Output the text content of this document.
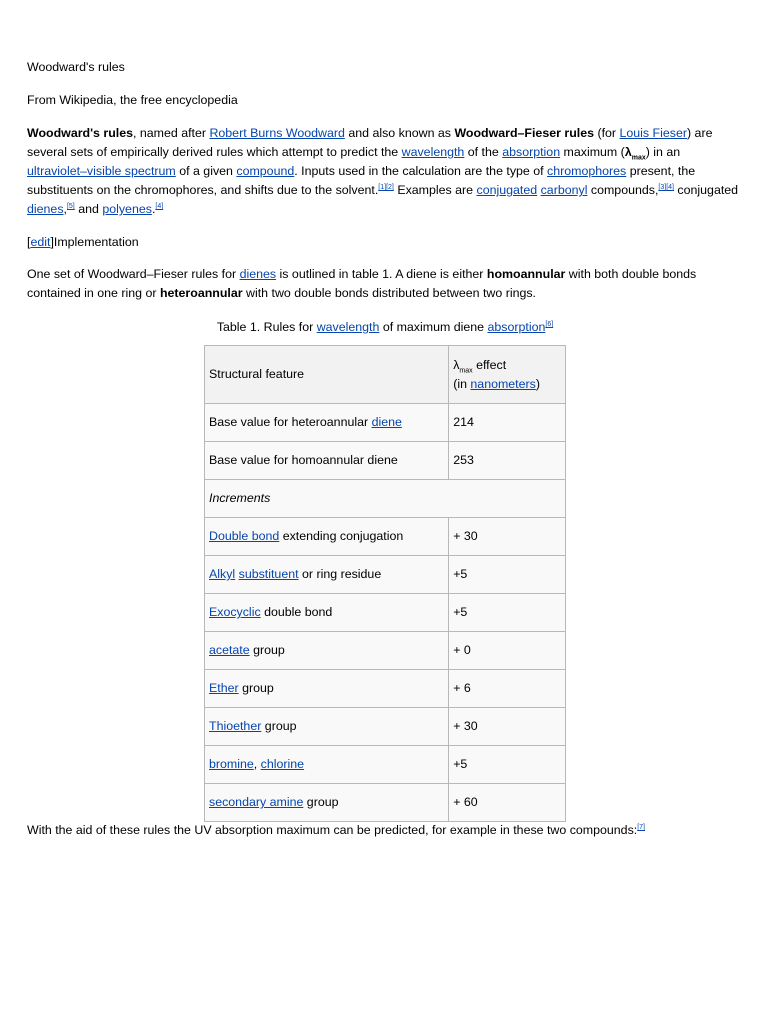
Woodward's rules

From Wikipedia, the free encyclopedia

Woodward's rules, named after Robert Burns Woodward and also known as Woodward–Fieser rules (for Louis Fieser) are several sets of empirically derived rules which attempt to predict the wavelength of the absorption maximum $(\lambda_{max})$ in an ultraviolet–visible spectrum of a given compound. Inputs used in the calculation are the type of chromophores present, the substituents on the chromophores, and shifts due to the solvent.[1][2] Examples are conjugated carbonyl compounds,[3][4] conjugated dienes,[5] and polyenes.[4]

[edit]Implementation

One set of Woodward–Fieser rules for dienes is outlined in table 1. A diene is either homoannular with both double bonds contained in one ring or heteroannular with two double bonds distributed between two rings.

Table 1. Rules for wavelength of maximum diene absorption[6]
Structural feature	$\lambda_{max}$ effect
(in nanometers)
Base value for heteroannular diene	214
Base value for homoannular diene	253
Increments	
Double bond extending conjugation	+ 30
Alkyl substituent or ring residue	+5
Exocyclic double bond	+5
acetate group	+ 0
Ether group	+ 6
Thioether group	+ 30
bromine, chlorine	+5
secondary amine group	+ 60

With the aid of these rules the UV absorption maximum can be predicted, for example in these two compounds:[7]
